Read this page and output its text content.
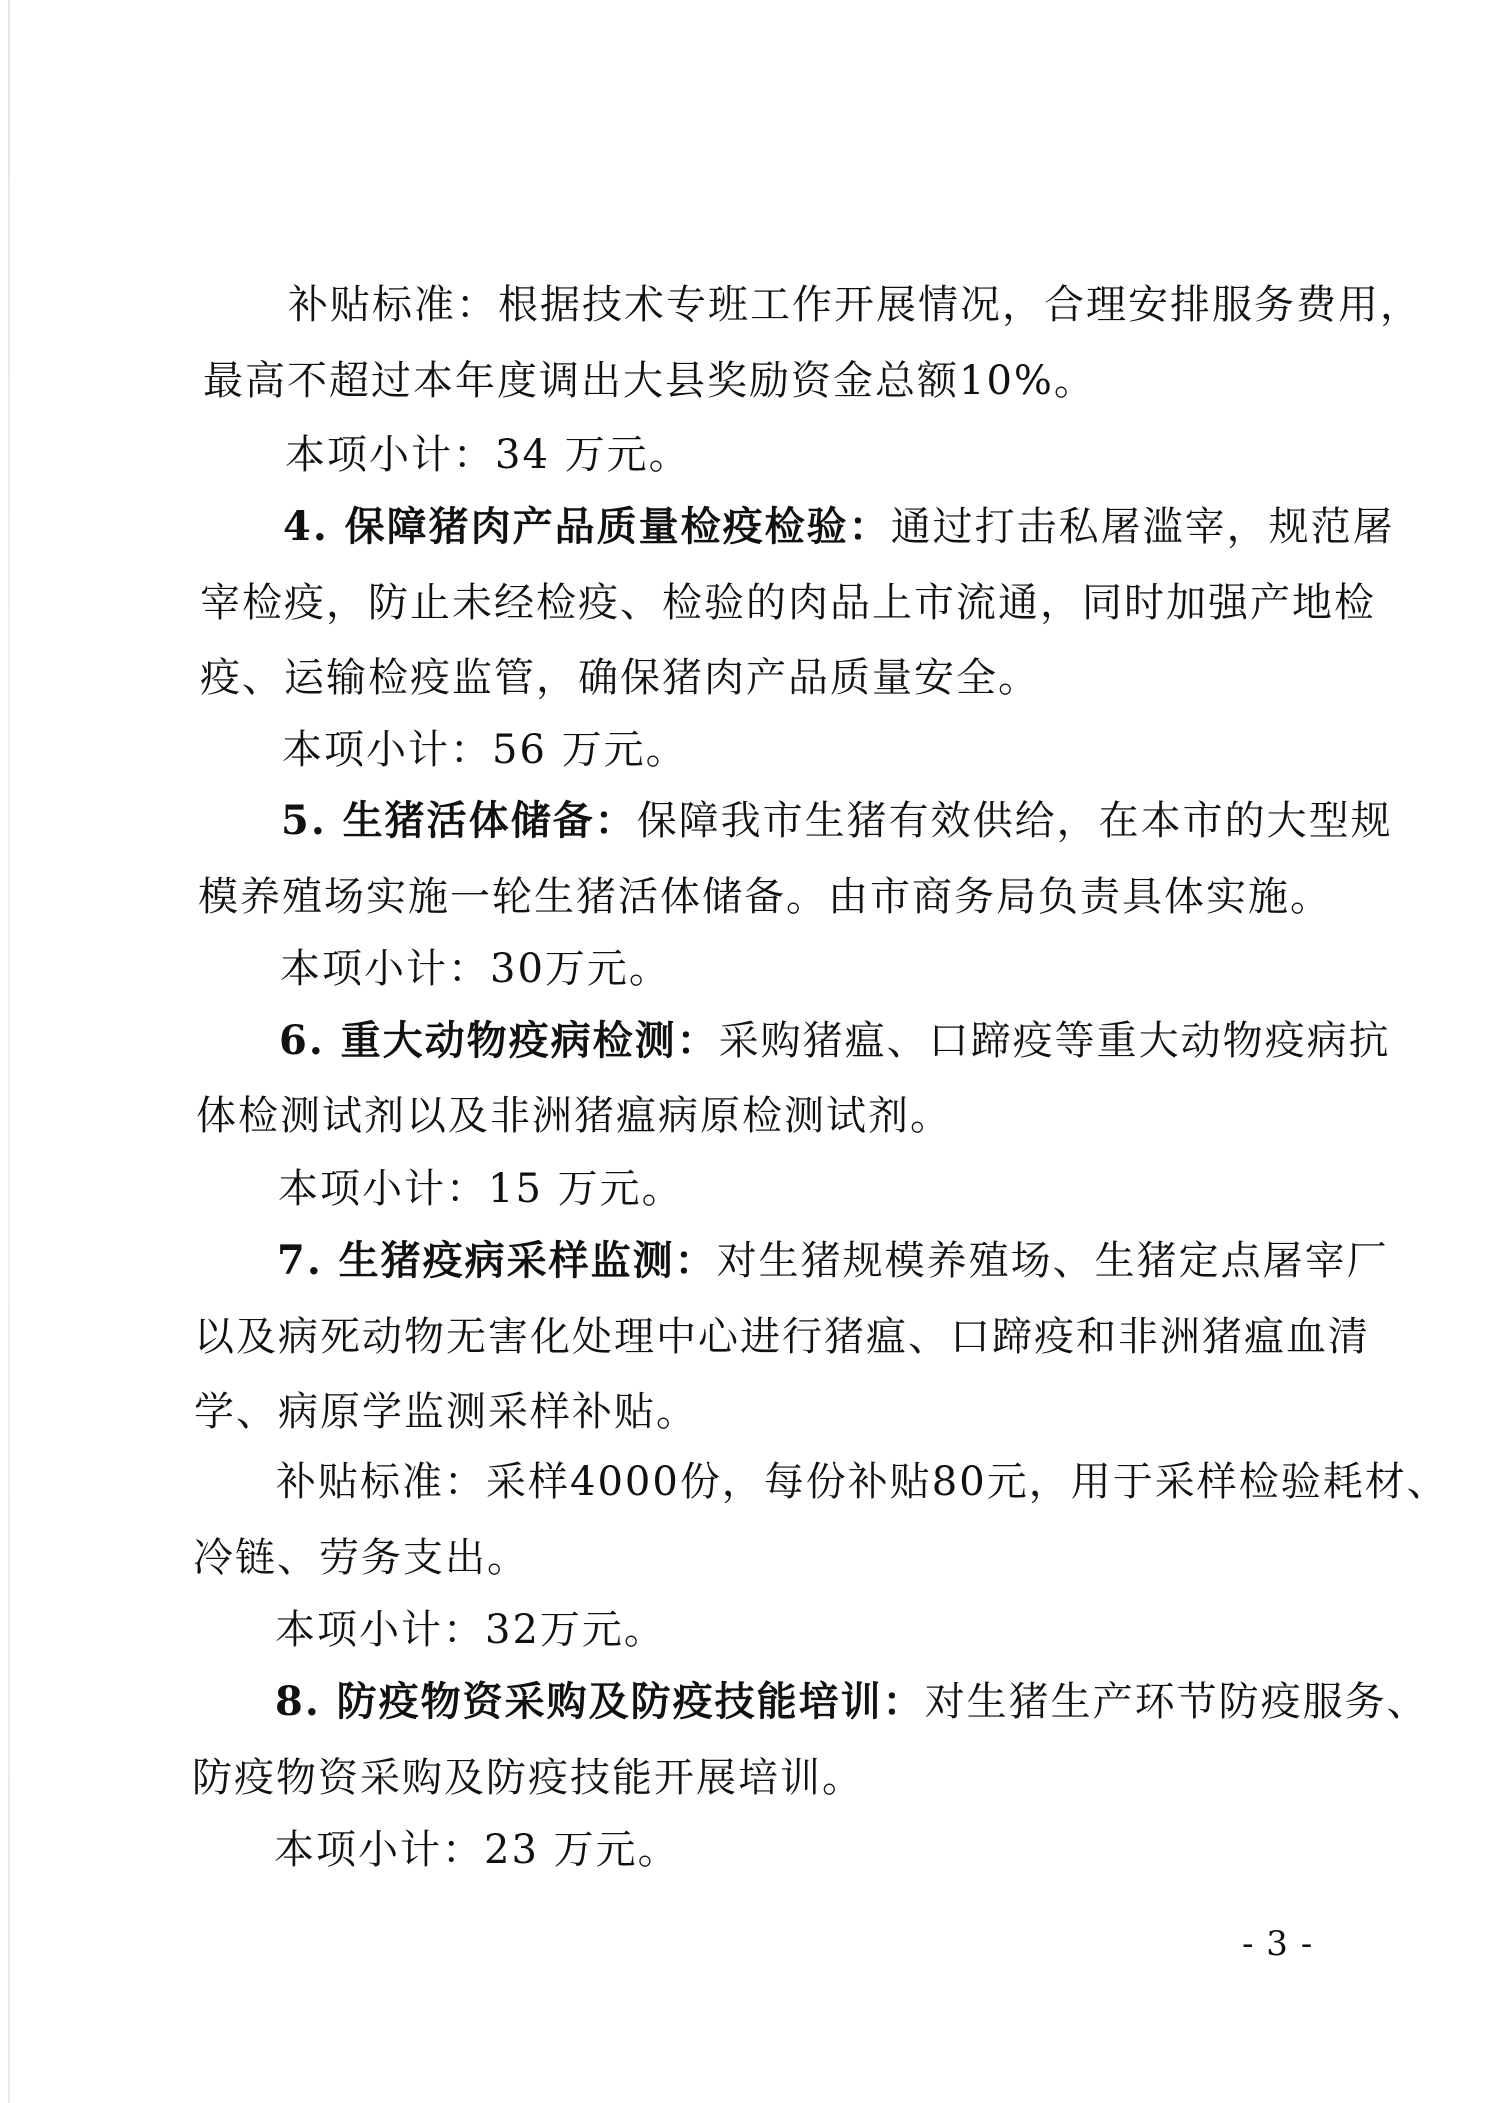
补贴标准：根据技术专班工作开展情况，合理安排服务费用，
最高不超过本年度调出大县奖励资金总额10%。
本项小计：34 万元。
4. 保障猪肉产品质量检疫检验：通过打击私屠滥宰，规范屠
宰检疫，防止未经检疫、检验的肉品上市流通，同时加强产地检
疫、运输检疫监管，确保猪肉产品质量安全。
本项小计：56 万元。
5. 生猪活体储备：保障我市生猪有效供给，在本市的大型规
模养殖场实施一轮生猪活体储备。由市商务局负责具体实施。
本项小计：30万元。
6. 重大动物疫病检测：采购猪瘟、口蹄疫等重大动物疫病抗
体检测试剂以及非洲猪瘟病原检测试剂。
本项小计：15 万元。
7. 生猪疫病采样监测：对生猪规模养殖场、生猪定点屠宰厂
以及病死动物无害化处理中心进行猪瘟、口蹄疫和非洲猪瘟血清
学、病原学监测采样补贴。
补贴标准：采样4000份，每份补贴80元，用于采样检验耗材、
冷链、劳务支出。
本项小计：32万元。
8. 防疫物资采购及防疫技能培训：对生猪生产环节防疫服务、
防疫物资采购及防疫技能开展培训。
本项小计：23 万元。
- 3 -
